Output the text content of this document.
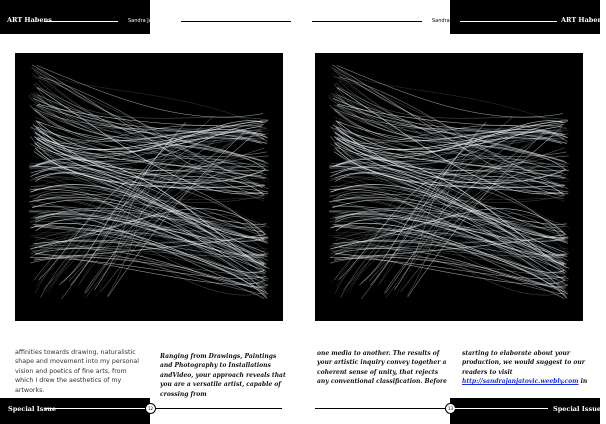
ART Habens	Sandra Janjatovic
affinities towards drawing, naturalistic shape and movement into my personal vision and poetics of fine arts, from which I drew the aesthetics of my artworks.
Ranging from Drawings, Paintings and Photography to Installations andVideo, your approach reveals that you are a versatile artist, capable of crossing from
Special Issue	12
Sandra Janjatovic	ART Habens
one media to another. The results of your artistic inquiry convey together a coherent sense of unity, that rejects any conventional classification. Before
starting to elaborate about your production, we would suggest to our readers to visit http://sandrajanjatovic.weebly.com in
13	Special Issue
